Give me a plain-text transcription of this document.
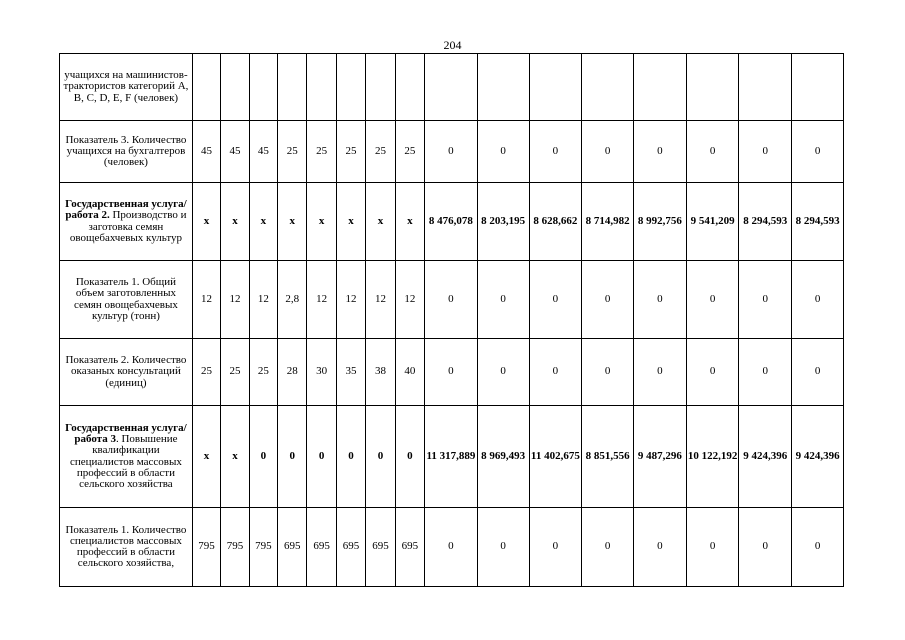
204
учащихся на машинистов-трактористов категорий A, B, C, D, E, F (человек)																
Показатель 3. Количество учащихся на бухгалтеров (человек)	45	45	45	25	25	25	25	25	0	0	0	0	0	0	0	0
Государственная услуга/работа 2. Производство и заготовка семян овощебахчевых культур	x	x	x	x	x	x	x	x	8 476,078	8 203,195	8 628,662	8 714,982	8 992,756	9 541,209	8 294,593	8 294,593
Показатель 1. Общий объем заготовленных семян овощебахчевых культур (тонн)	12	12	12	2,8	12	12	12	12	0	0	0	0	0	0	0	0
Показатель 2. Количество оказаных консультаций (единиц)	25	25	25	28	30	35	38	40	0	0	0	0	0	0	0	0
Государственная услуга/работа 3. Повышение квалификации специалистов массовых профессий в области сельского хозяйства	x	x	0	0	0	0	0	0	11 317,889	8 969,493	11 402,675	8 851,556	9 487,296	10 122,192	9 424,396	9 424,396
Показатель 1. Количество специалистов массовых профессий в области сельского хозяйства,	795	795	795	695	695	695	695	695	0	0	0	0	0	0	0	0
